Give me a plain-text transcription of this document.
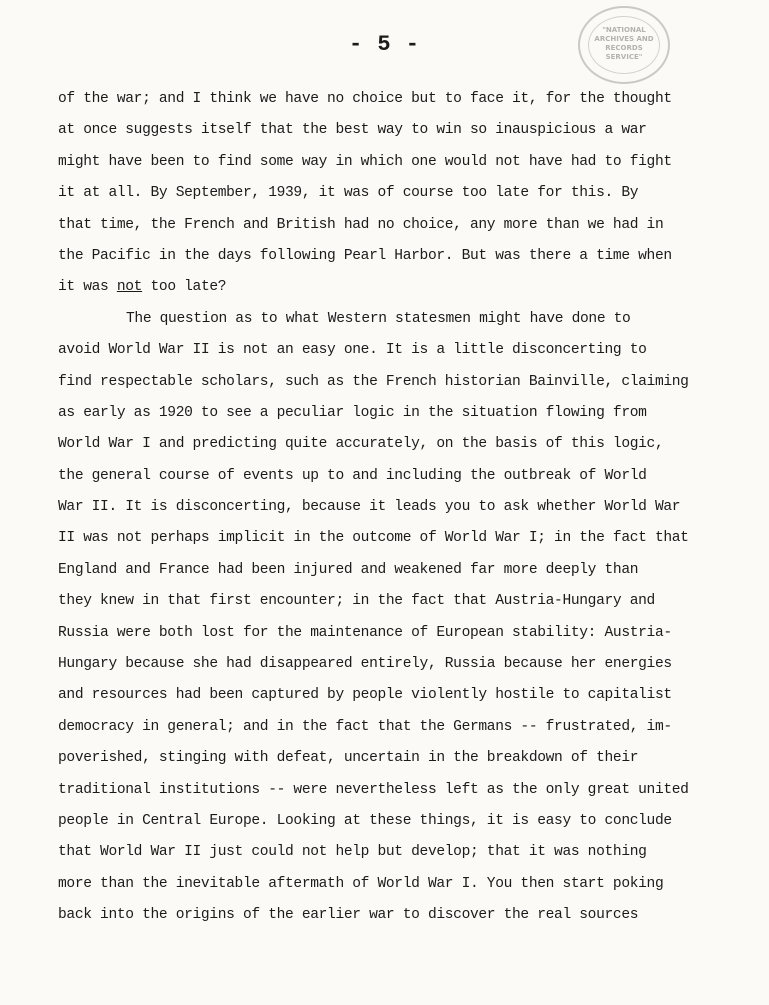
"NATIONAL
ARCHIVES AND
RECORDS
SERVICE"
- 5 -
of the war; and I think we have no choice but to face it, for the thought
at once suggests itself that the best way to win so inauspicious a war
might have been to find some way in which one would not have had to fight
it at all. By September, 1939, it was of course too late for this. By
that time, the French and British had no choice, any more than we had in
the Pacific in the days following Pearl Harbor. But was there a time when
it was not too late?
The question as to what Western statesmen might have done to
avoid World War II is not an easy one. It is a little disconcerting to
find respectable scholars, such as the French historian Bainville, claiming
as early as 1920 to see a peculiar logic in the situation flowing from
World War I and predicting quite accurately, on the basis of this logic,
the general course of events up to and including the outbreak of World
War II. It is disconcerting, because it leads you to ask whether World War
II was not perhaps implicit in the outcome of World War I; in the fact that
England and France had been injured and weakened far more deeply than
they knew in that first encounter; in the fact that Austria-Hungary and
Russia were both lost for the maintenance of European stability: Austria-
Hungary because she had disappeared entirely, Russia because her energies
and resources had been captured by people violently hostile to capitalist
democracy in general; and in the fact that the Germans -- frustrated, im-
poverished, stinging with defeat, uncertain in the breakdown of their
traditional institutions -- were nevertheless left as the only great united
people in Central Europe. Looking at these things, it is easy to conclude
that World War II just could not help but develop; that it was nothing
more than the inevitable aftermath of World War I. You then start poking
back into the origins of the earlier war to discover the real sources
